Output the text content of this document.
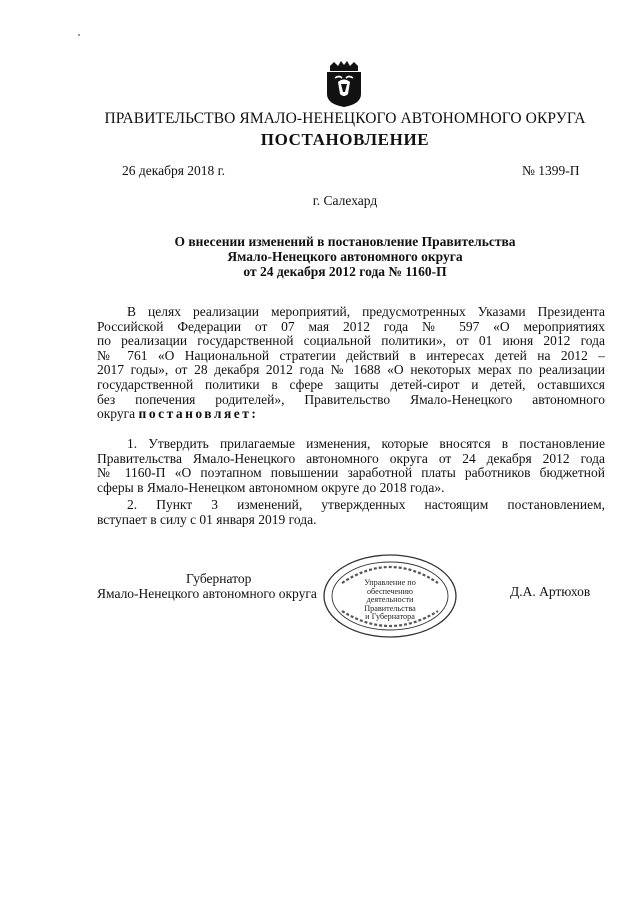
ПРАВИТЕЛЬСТВО ЯМАЛО-НЕНЕЦКОГО АВТОНОМНОГО ОКРУГА
ПОСТАНОВЛЕНИЕ
26 декабря 2018 г.	№ 1399-П
г. Салехард
О внесении изменений в постановление Правительства
Ямало-Ненецкого автономного округа
от 24 декабря 2012 года № 1160-П
В целях реализации мероприятий, предусмотренных Указами Президента
Российской Федерации от 07 мая 2012 года № 597 «О мероприятиях
по реализации государственной социальной политики», от 01 июня 2012 года
№ 761 «О Национальной стратегии действий в интересах детей на 2012 –
2017 годы», от 28 декабря 2012 года № 1688 «О некоторых мерах по реализации
государственной политики в сфере защиты детей-сирот и детей, оставшихся
без попечения родителей», Правительство Ямало-Ненецкого автономного
округа постановляет:
1. Утвердить прилагаемые изменения, которые вносятся в постановление
Правительства Ямало-Ненецкого автономного округа от 24 декабря 2012 года
№ 1160-П «О поэтапном повышении заработной платы работников бюджетной
сферы в Ямало-Ненецком автономном округе до 2018 года».
2. Пункт 3 изменений, утвержденных настоящим постановлением,
вступает в силу с 01 января 2019 года.
Управление по
обеспечению
деятельности
Правительства
и Губернатора
Губернатор
Ямало-Ненецкого автономного округа	Д.А. Артюхов
